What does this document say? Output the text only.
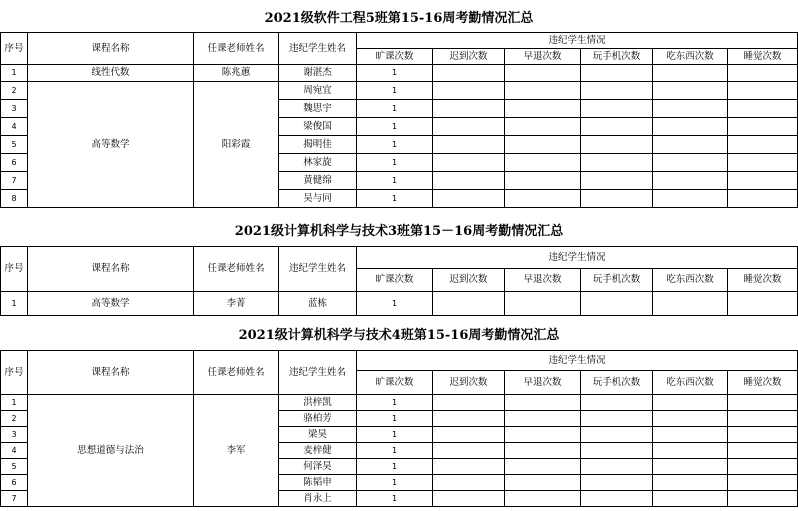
2021级软件工程5班第15-16周考勤情况汇总
序号	课程名称	任课老师姓名	违纪学生姓名	违纪学生情况					
				旷课次数	迟到次数	早退次数	玩手机次数	吃东西次数	睡觉次数
1	线性代数	陈兆蕙	谢湛杰	1					
2	高等数学	阳彩霞	周宛宜	1					
3			魏思宇	1					
4			梁俊国	1					
5			揭明佳	1					
6			林家旋	1					
7			黄健绵	1					
8			吴与同	1					
2021级计算机科学与技术3班第15－16周考勤情况汇总
序号	课程名称	任课老师姓名	违纪学生姓名	违纪学生情况					
				旷课次数	迟到次数	早退次数	玩手机次数	吃东西次数	睡觉次数
1	高等数学	李菁	蓝栋	1					
2021级计算机科学与技术4班第15-16周考勤情况汇总
序号	课程名称	任课老师姓名	违纪学生姓名	违纪学生情况					
				旷课次数	迟到次数	早退次数	玩手机次数	吃东西次数	睡觉次数
1	思想道德与法治	李军	洪梓凯	1					
2			骆柏芳	1					
3			梁昊	1					
4			麦梓健	1					
5			何泽昊	1					
6			陈韬申	1					
7			肖永上	1					
